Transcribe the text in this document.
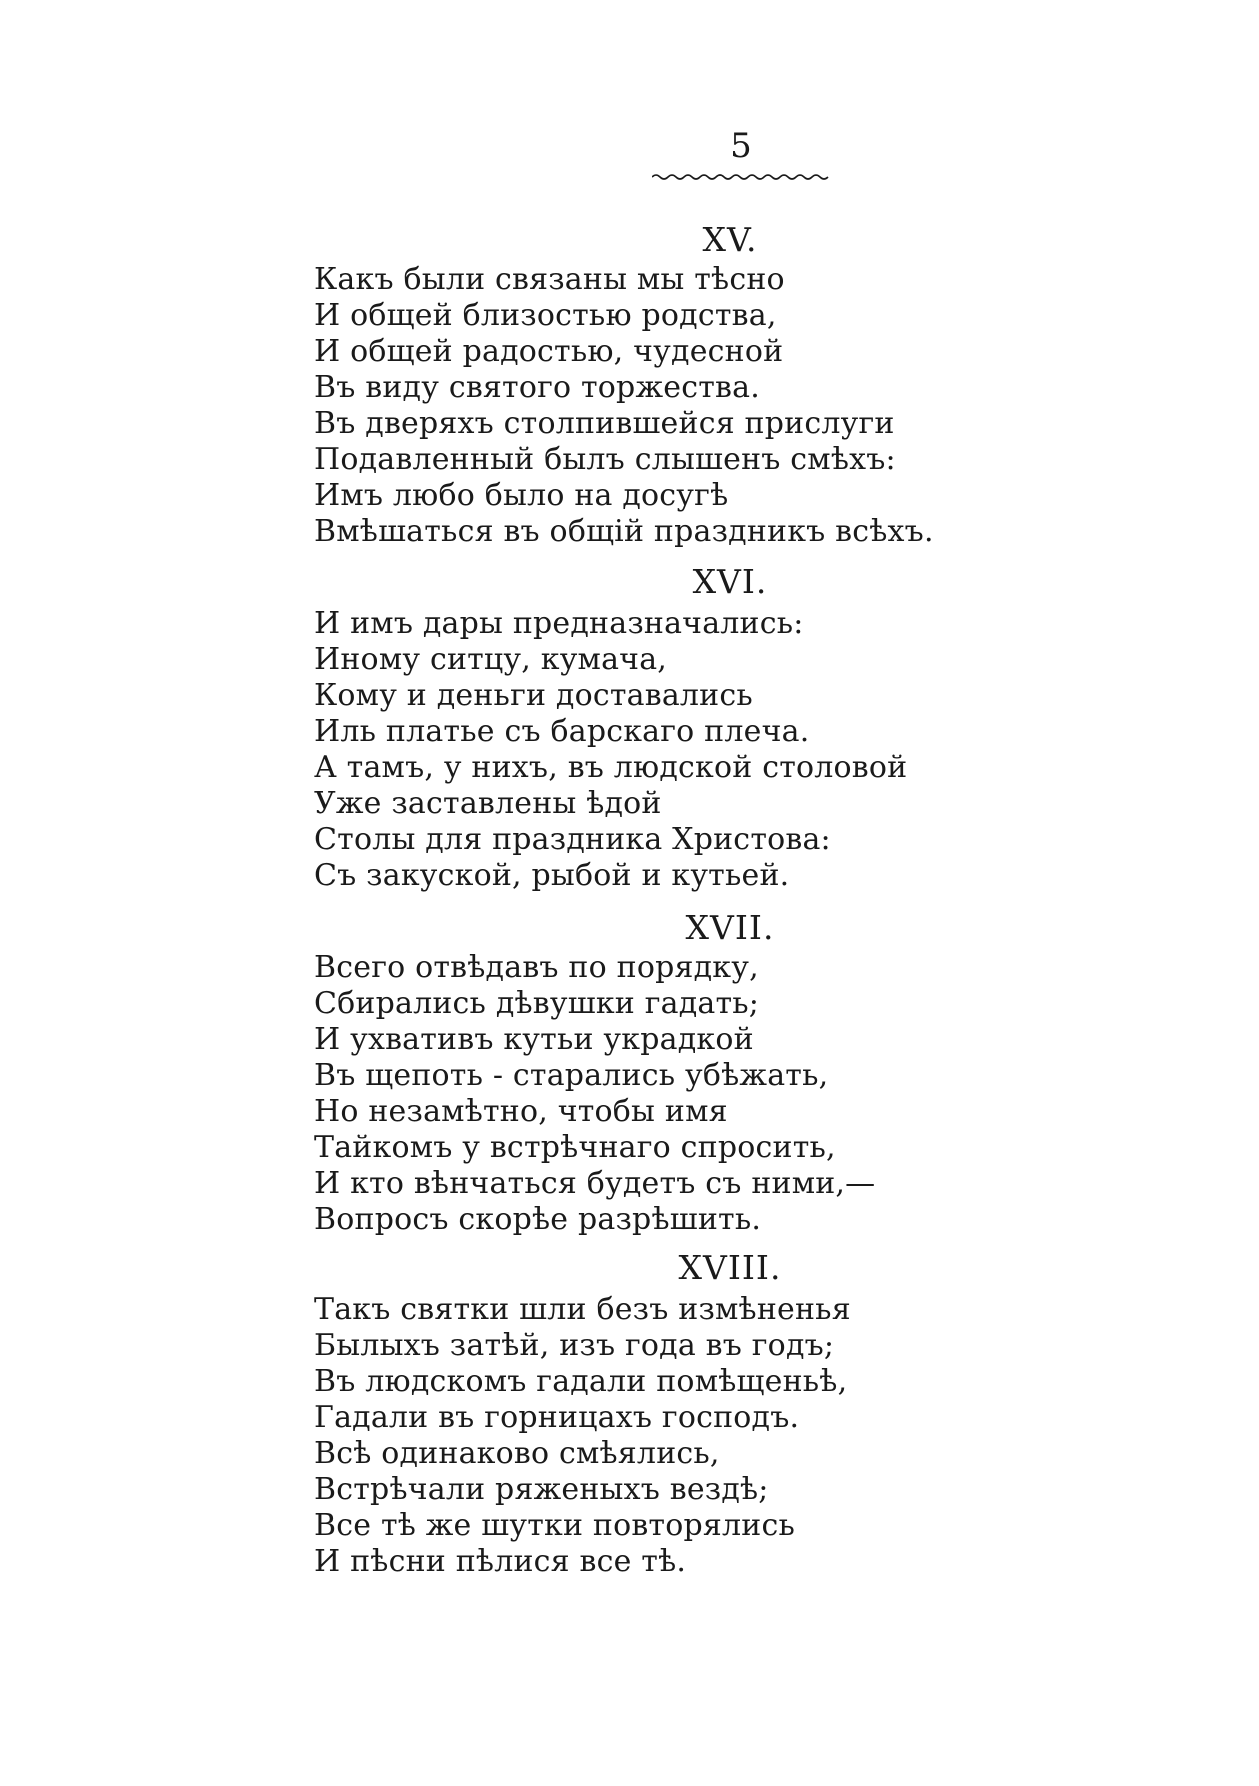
5
XV.
Какъ были связаны мы тѣсно
И общей близостью родства,
И общей радостью, чудесной
Въ виду святого торжества.
Въ дверяхъ столпившейся прислуги
Подавленный былъ слышенъ смѣхъ:
Имъ любо было на досугѣ
Вмѣшаться въ общій праздникъ всѣхъ.
XVI.
И имъ дары предназначались:
Иному ситцу, кумача,
Кому и деньги доставались
Иль платье съ барскаго плеча.
А тамъ, у нихъ, въ людской столовой
Уже заставлены ѣдой
Столы для праздника Христова:
Съ закуской, рыбой и кутьей.
XVII.
Всего отвѣдавъ по порядку,
Сбирались дѣвушки гадать;
И ухвативъ кутьи украдкой
Въ щепоть - старались убѣжать,
Но незамѣтно, чтобы имя
Тайкомъ у встрѣчнаго спросить,
И кто вѣнчаться будетъ съ ними,—
Вопросъ скорѣе разрѣшить.
XVIII.
Такъ святки шли безъ измѣненья
Былыхъ затѣй, изъ года въ годъ;
Въ людскомъ гадали помѣщеньѣ,
Гадали въ горницахъ господъ.
Всѣ одинаково смѣялись,
Встрѣчали ряженыхъ вездѣ;
Все тѣ же шутки повторялись
И пѣсни пѣлися все тѣ.
